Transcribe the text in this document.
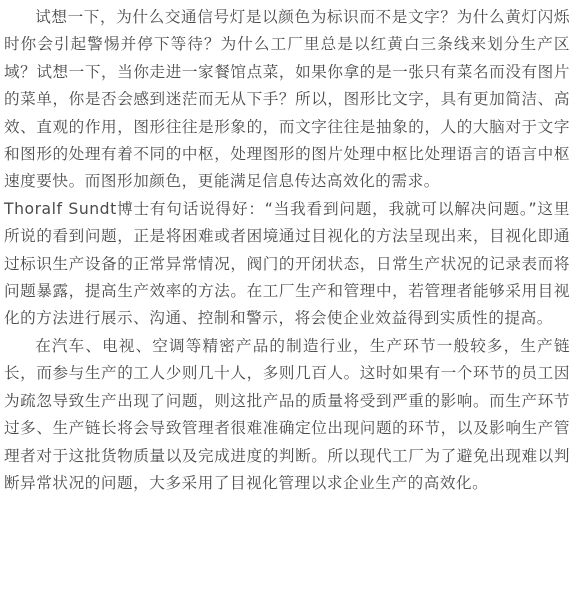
试想一下，为什么交通信号灯是以颜色为标识而不是文字？为什么黄灯闪烁时你会引起警惕并停下等待？为什么工厂里总是以红黄白三条线来划分生产区域？试想一下，当你走进一家餐馆点菜，如果你拿的是一张只有菜名而没有图片的菜单，你是否会感到迷茫而无从下手？所以，图形比文字，具有更加简洁、高效、直观的作用，图形往往是形象的，而文字往往是抽象的，人的大脑对于文字和图形的处理有着不同的中枢，处理图形的图片处理中枢比处理语言的语言中枢速度要快。而图形加颜色，更能满足信息传达高效化的需求。

Thoralf Sundt博士有句话说得好：“当我看到问题，我就可以解决问题。”这里所说的看到问题，正是将困难或者困境通过目视化的方法呈现出来，目视化即通过标识生产设备的正常异常情况，阀门的开闭状态，日常生产状况的记录表而将问题暴露，提高生产效率的方法。在工厂生产和管理中，若管理者能够采用目视化的方法进行展示、沟通、控制和警示，将会使企业效益得到实质性的提高。

在汽车、电视、空调等精密产品的制造行业，生产环节一般较多，生产链长，而参与生产的工人少则几十人，多则几百人。这时如果有一个环节的员工因为疏忽导致生产出现了问题，则这批产品的质量将受到严重的影响。而生产环节过多、生产链长将会导致管理者很难准确定位出现问题的环节，以及影响生产管理者对于这批货物质量以及完成进度的判断。所以现代工厂为了避免出现难以判断异常状况的问题，大多采用了目视化管理以求企业生产的高效化。
